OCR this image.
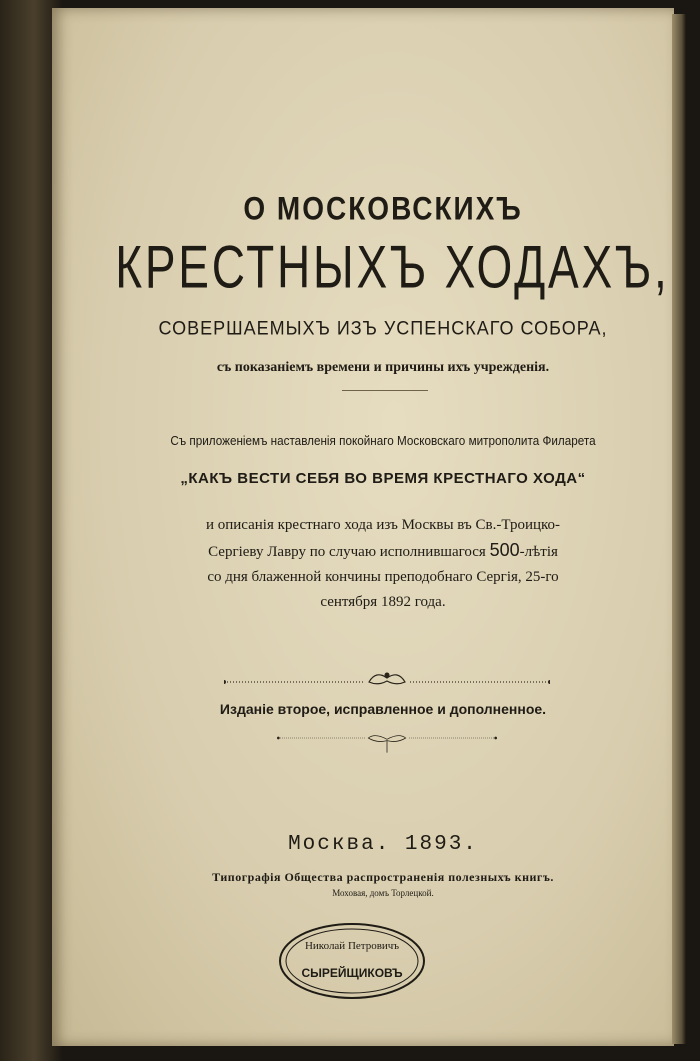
О МОСКОВСКИХЪ
КРЕСТНЫХЪ ХОДАХЪ,
СОВЕРШАЕМЫХЪ ИЗЪ УСПЕНСКАГО СОБОРА,
съ показаніемъ времени и причины ихъ учрежденія.
Съ приложеніемъ наставленія покойнаго Московскаго митрополита Филарета
„КАКЪ ВЕСТИ СЕБЯ ВО ВРЕМЯ КРЕСТНАГО ХОДА“
и описанія крестнаго хода изъ Москвы въ Св.-Троицко-
Сергіеву Лавру по случаю исполнившагося 500-лѣтія
со дня блаженной кончины преподобнаго Сергія, 25-го
сентября 1892 года.
Изданіе второе, исправленное и дополненное.
Москва. 1893.
Типографія Общества распространенія полезныхъ книгъ.
Моховая, домъ Торлецкой.
Николай Петровичъ
СЫРЕЙЩИКОВЪ
